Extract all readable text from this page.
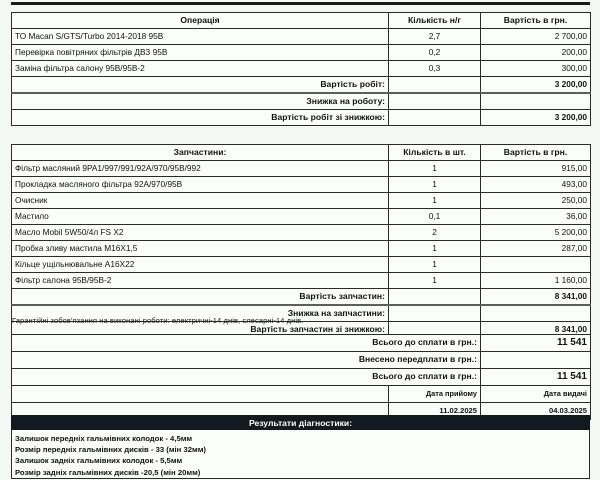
Операція	Кількість н/г	Вартість в грн.
ТО Macan S/GTS/Turbo 2014-2018 95B	2,7	2 700,00
Перевірка повітряних фільтрів ДВЗ 95B	0,2	200,00
Заміна фільтра салону 95B/95B-2	0,3	300,00
Вартість робіт:		3 200,00
Знижка на роботу:		
Вартість робіт зі знижкою:		3 200,00
Запчастини:	Кількість в шт.	Вартість в грн.
Фільтр масляний 9PA1/997/991/92A/970/95B/992	1	915,00
Прокладка масляного фільтра 92A/970/95B	1	493,00
Очисник	1	250,00
Мастило	0,1	36,00
Масло Mobil 5W50/4л FS X2	2	5 200,00
Пробка зливу мастила M16X1,5	1	287,00
Кільце ущільнювальне A16X22	1	
Фільтр салона 95B/95B-2	1	1 160,00
Вартість запчастин:		8 341,00
Знижка на запчастини:		
Вартість запчастин зі знижкою:		8 341,00
Гарантійні зобов'язання на виконані роботи: електричні-14 днів, слесарні-14 днів.
Всього до сплати в грн.:		11 541
Внесено передплати в грн.:		
Всього до сплати в грн.:		11 541
	Дата прийому	Дата видачі
	11.02.2025	04.03.2025
Результати діагностики:
Залишок передніх гальмівних колодок - 4,5мм
Розмір передніх гальмівних дисків - 33 (мін 32мм)
Залишок задніх гальмівних колодок - 5,5мм
Розмір задніх гальмівних дисків -20,5 (мін 20мм)
